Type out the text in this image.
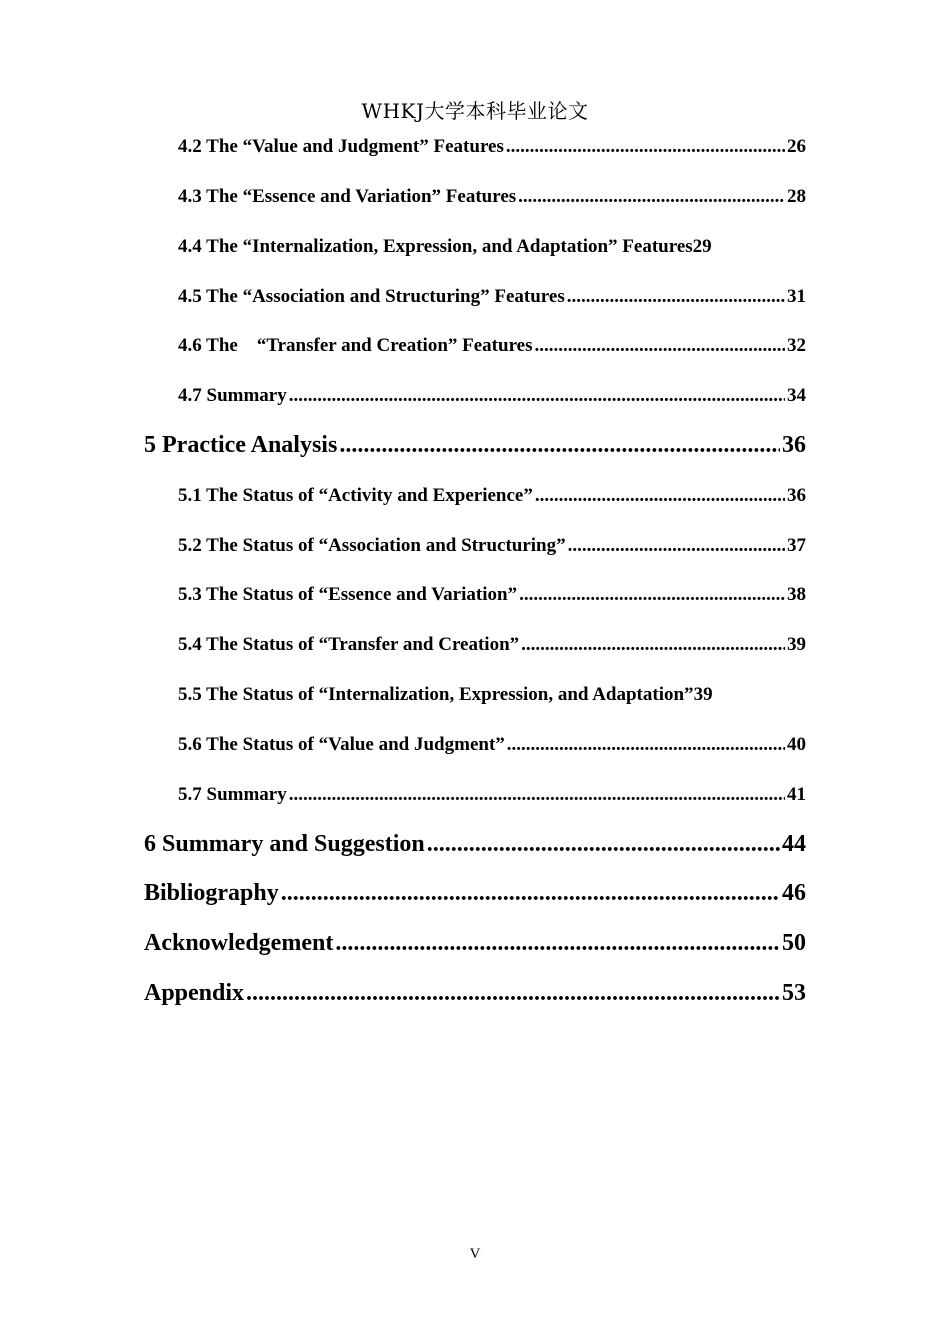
WHKJ大学本科毕业论文
4.2 The “Value and Judgment” Features .....	26
4.3 The “Essence and Variation” Features .....	28
4.4 The “Internalization, Expression, and Adaptation” Features 29
4.5 The “Association and Structuring” Features .....	31
4.6 The    “Transfer and Creation” Features .....	32
4.7 Summary .....	34
5 Practice Analysis .....	36
5.1 The Status of “Activity and Experience” .....	36
5.2 The Status of “Association and Structuring” .....	37
5.3 The Status of “Essence and Variation” .....	38
5.4 The Status of “Transfer and Creation” .....	39
5.5 The Status of “Internalization, Expression, and Adaptation” 39
5.6 The Status of “Value and Judgment” .....	40
5.7 Summary .....	41
6 Summary and Suggestion .....	44
Bibliography .....	46
Acknowledgement .....	50
Appendix .....	53
V
